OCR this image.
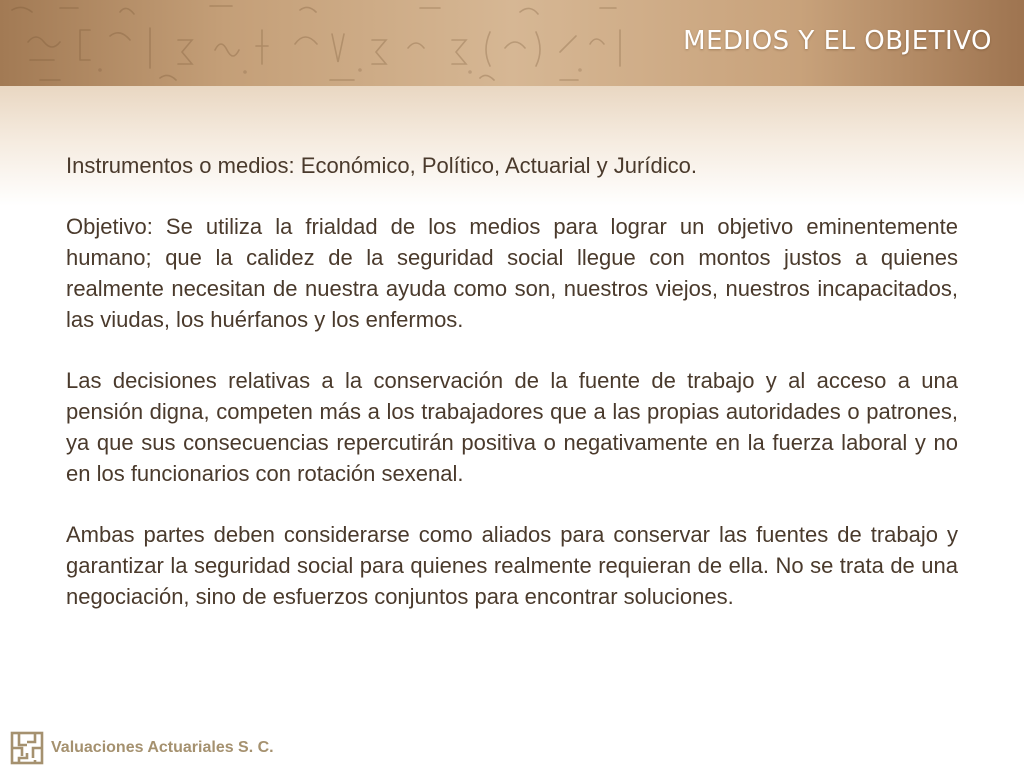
MEDIOS Y EL OBJETIVO

Instrumentos o medios: Económico, Político, Actuarial y Jurídico.

Objetivo: Se utiliza la frialdad de los medios para lograr un objetivo eminentemente humano; que la calidez de la seguridad social llegue con montos justos a quienes realmente necesitan de nuestra ayuda como son, nuestros viejos, nuestros incapacitados, las viudas, los huérfanos y los enfermos.

Las decisiones relativas a la conservación de la fuente de trabajo y al acceso a una pensión digna, competen más a los trabajadores que a las propias autoridades o patrones, ya que sus consecuencias repercutirán positiva o negativamente en la fuerza laboral y no en los funcionarios con rotación sexenal.

Ambas partes deben considerarse como aliados para conservar las fuentes de trabajo y garantizar la seguridad social para quienes realmente requieran de ella. No se trata de una negociación, sino de esfuerzos conjuntos para encontrar soluciones.

Valuaciones Actuariales S. C.
